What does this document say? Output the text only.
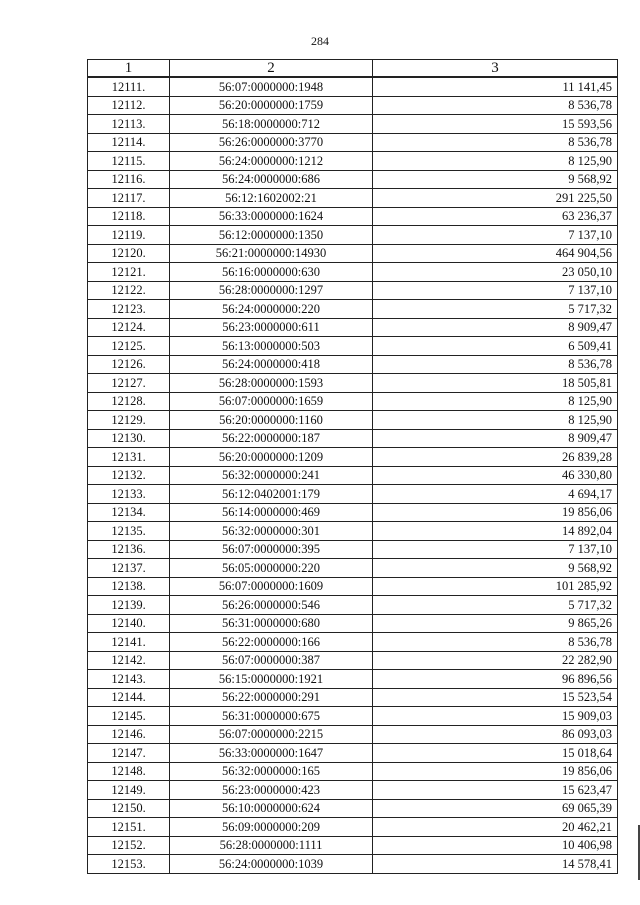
284
1	2	3
12111.	56:07:0000000:1948	11 141,45
12112.	56:20:0000000:1759	8 536,78
12113.	56:18:0000000:712	15 593,56
12114.	56:26:0000000:3770	8 536,78
12115.	56:24:0000000:1212	8 125,90
12116.	56:24:0000000:686	9 568,92
12117.	56:12:1602002:21	291 225,50
12118.	56:33:0000000:1624	63 236,37
12119.	56:12:0000000:1350	7 137,10
12120.	56:21:0000000:14930	464 904,56
12121.	56:16:0000000:630	23 050,10
12122.	56:28:0000000:1297	7 137,10
12123.	56:24:0000000:220	5 717,32
12124.	56:23:0000000:611	8 909,47
12125.	56:13:0000000:503	6 509,41
12126.	56:24:0000000:418	8 536,78
12127.	56:28:0000000:1593	18 505,81
12128.	56:07:0000000:1659	8 125,90
12129.	56:20:0000000:1160	8 125,90
12130.	56:22:0000000:187	8 909,47
12131.	56:20:0000000:1209	26 839,28
12132.	56:32:0000000:241	46 330,80
12133.	56:12:0402001:179	4 694,17
12134.	56:14:0000000:469	19 856,06
12135.	56:32:0000000:301	14 892,04
12136.	56:07:0000000:395	7 137,10
12137.	56:05:0000000:220	9 568,92
12138.	56:07:0000000:1609	101 285,92
12139.	56:26:0000000:546	5 717,32
12140.	56:31:0000000:680	9 865,26
12141.	56:22:0000000:166	8 536,78
12142.	56:07:0000000:387	22 282,90
12143.	56:15:0000000:1921	96 896,56
12144.	56:22:0000000:291	15 523,54
12145.	56:31:0000000:675	15 909,03
12146.	56:07:0000000:2215	86 093,03
12147.	56:33:0000000:1647	15 018,64
12148.	56:32:0000000:165	19 856,06
12149.	56:23:0000000:423	15 623,47
12150.	56:10:0000000:624	69 065,39
12151.	56:09:0000000:209	20 462,21
12152.	56:28:0000000:1111	10 406,98
12153.	56:24:0000000:1039	14 578,41
